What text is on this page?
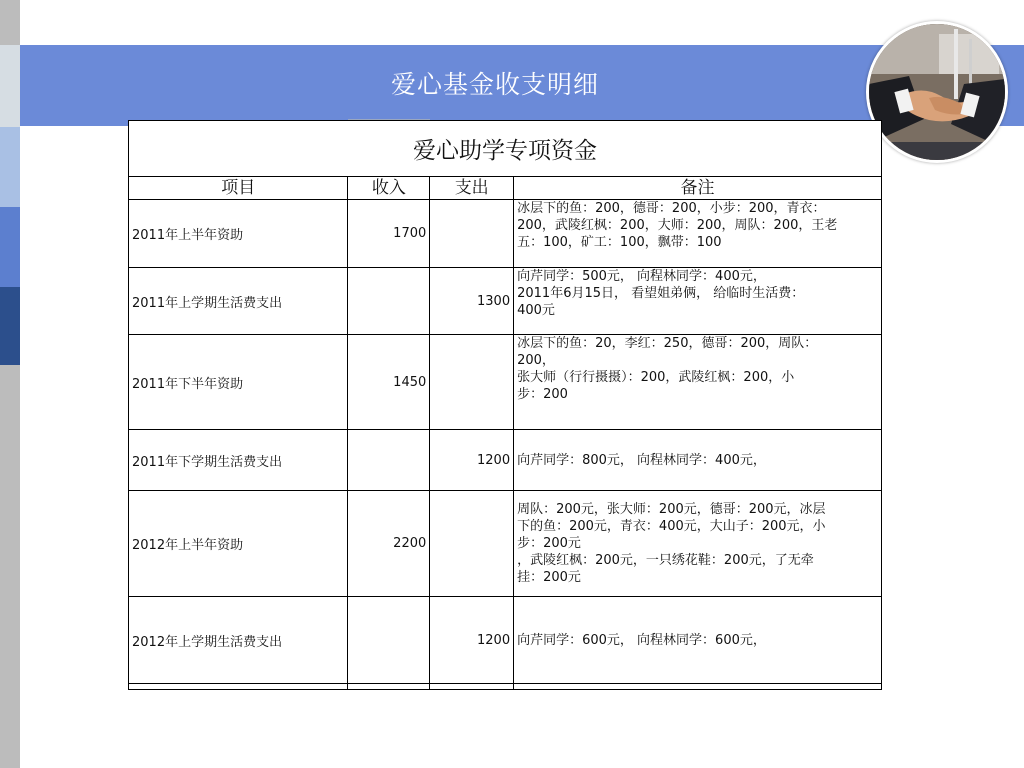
爱心基金收支明细
爱心助学专项资金
项目	收入	支出	备注
2011年上半年资助	1700		冰层下的鱼：200，德哥：200，小步：200，青衣：
200，武陵红枫：200，大师：200，周队：200，王老
五：100，矿工：100，飘带：100

2011年上学期生活费支出		1300	向芹同学：500元， 向程林同学：400元，
2011年6月15日， 看望姐弟俩， 给临时生活费：
400元

2011年下半年资助	1450		冰层下的鱼：20，李红：250，德哥：200，周队：
200，
张大师（行行摄摄）：200，武陵红枫：200，小
步：200

2011年下学期生活费支出		1200	向芹同学：800元， 向程林同学：400元，

2012年上半年资助	2200		周队：200元，张大师：200元，德哥：200元，冰层
下的鱼：200元，青衣：400元，大山子：200元，小
步：200元
，武陵红枫：200元，一只绣花鞋：200元，了无牵
挂：200元

2012年上学期生活费支出		1200	向芹同学：600元， 向程林同学：600元，
